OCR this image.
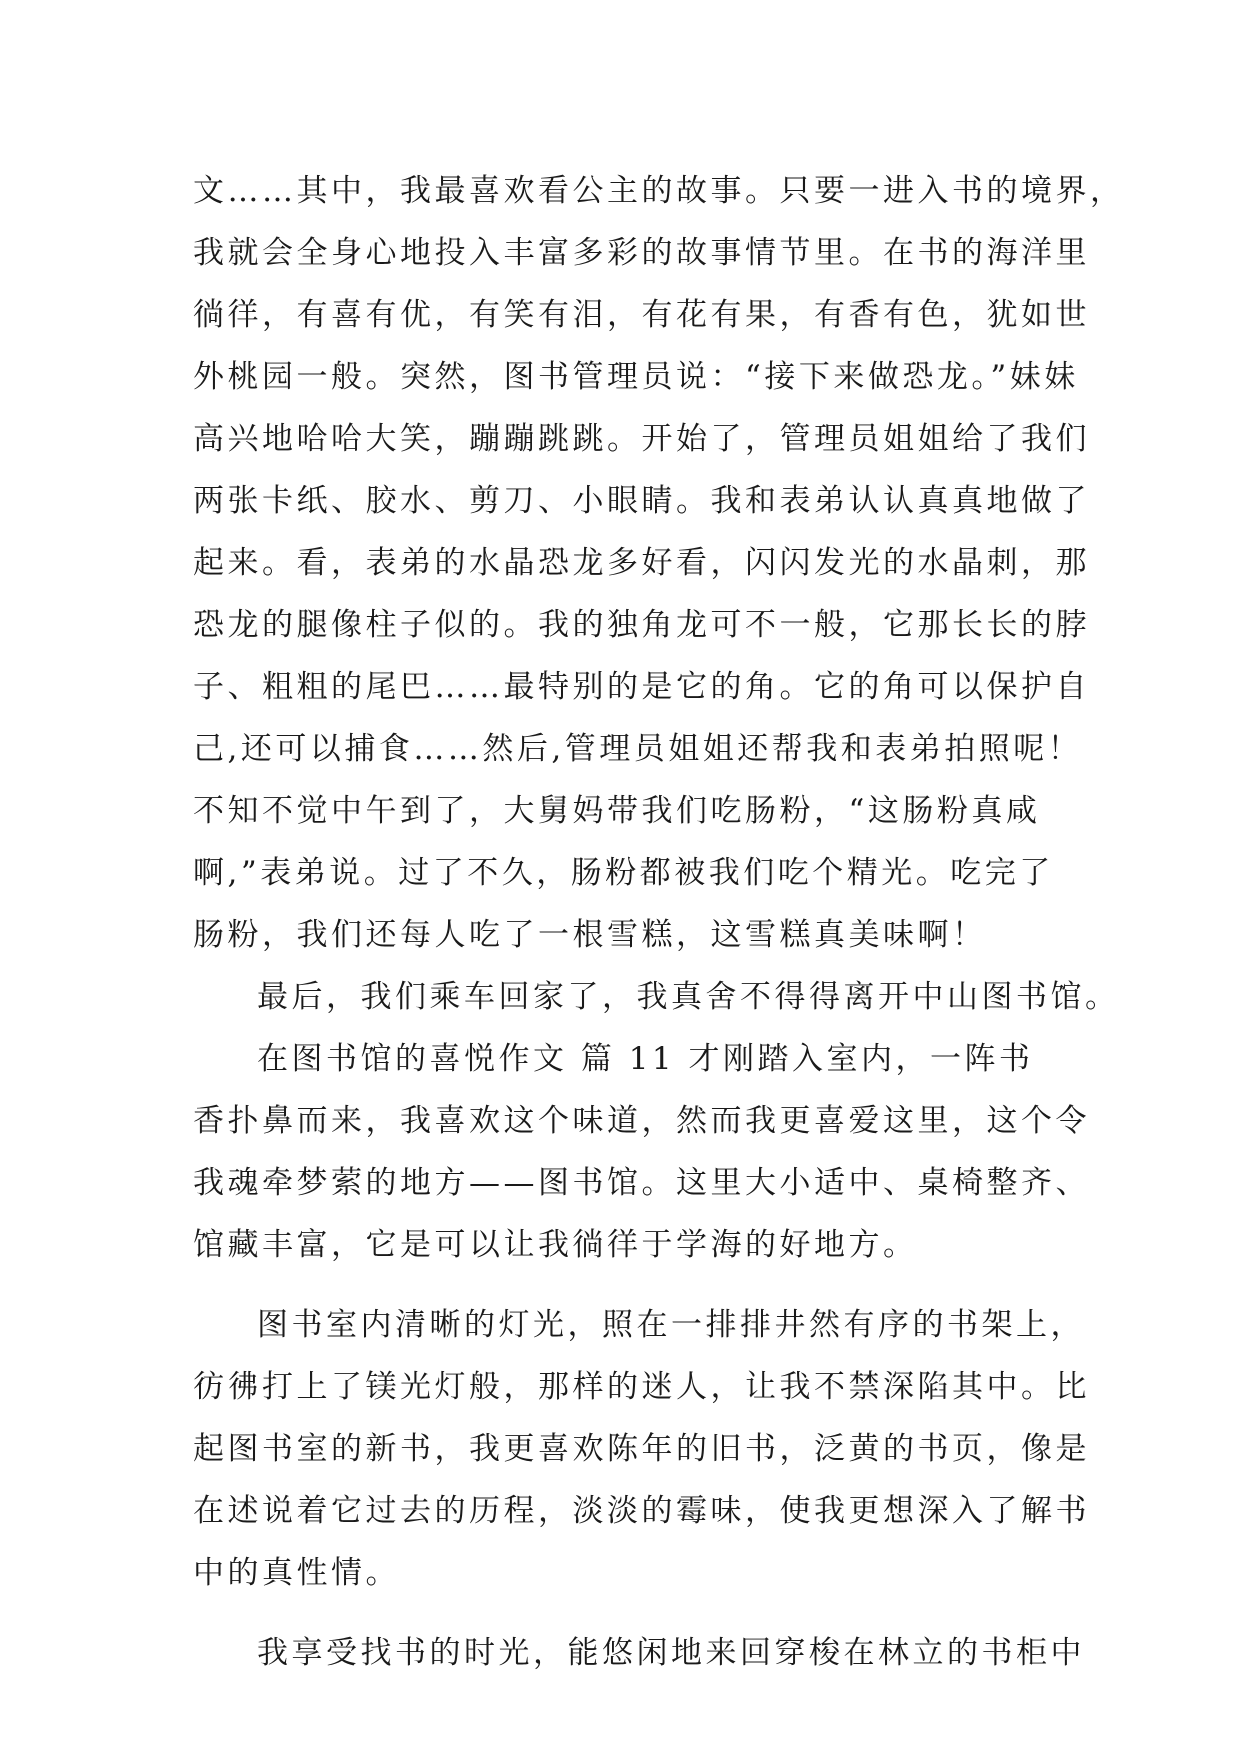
文……其中，我最喜欢看公主的故事。只要一进入书的境界，
我就会全身心地投入丰富多彩的故事情节里。在书的海洋里
徜徉，有喜有优，有笑有泪，有花有果，有香有色，犹如世
外桃园一般。突然，图书管理员说：“接下来做恐龙。”妹妹
高兴地哈哈大笑，蹦蹦跳跳。开始了，管理员姐姐给了我们
两张卡纸、胶水、剪刀、小眼睛。我和表弟认认真真地做了
起来。看，表弟的水晶恐龙多好看，闪闪发光的水晶刺，那
恐龙的腿像柱子似的。我的独角龙可不一般，它那长长的脖
子、粗粗的尾巴……最特别的是它的角。它的角可以保护自
己,还可以捕食……然后,管理员姐姐还帮我和表弟拍照呢！
不知不觉中午到了，大舅妈带我们吃肠粉，“这肠粉真咸
啊,”表弟说。过了不久，肠粉都被我们吃个精光。吃完了
肠粉，我们还每人吃了一根雪糕，这雪糕真美味啊！
最后，我们乘车回家了，我真舍不得得离开中山图书馆。
在图书馆的喜悦作文 篇 11 才刚踏入室内，一阵书
香扑鼻而来，我喜欢这个味道，然而我更喜爱这里，这个令
我魂牵梦萦的地方——图书馆。这里大小适中、桌椅整齐、
馆藏丰富，它是可以让我徜徉于学海的好地方。
图书室内清晰的灯光，照在一排排井然有序的书架上，
彷彿打上了镁光灯般，那样的迷人，让我不禁深陷其中。比
起图书室的新书，我更喜欢陈年的旧书，泛黄的书页，像是
在述说着它过去的历程，淡淡的霉味，使我更想深入了解书
中的真性情。
我享受找书的时光，能悠闲地来回穿梭在林立的书柜中
